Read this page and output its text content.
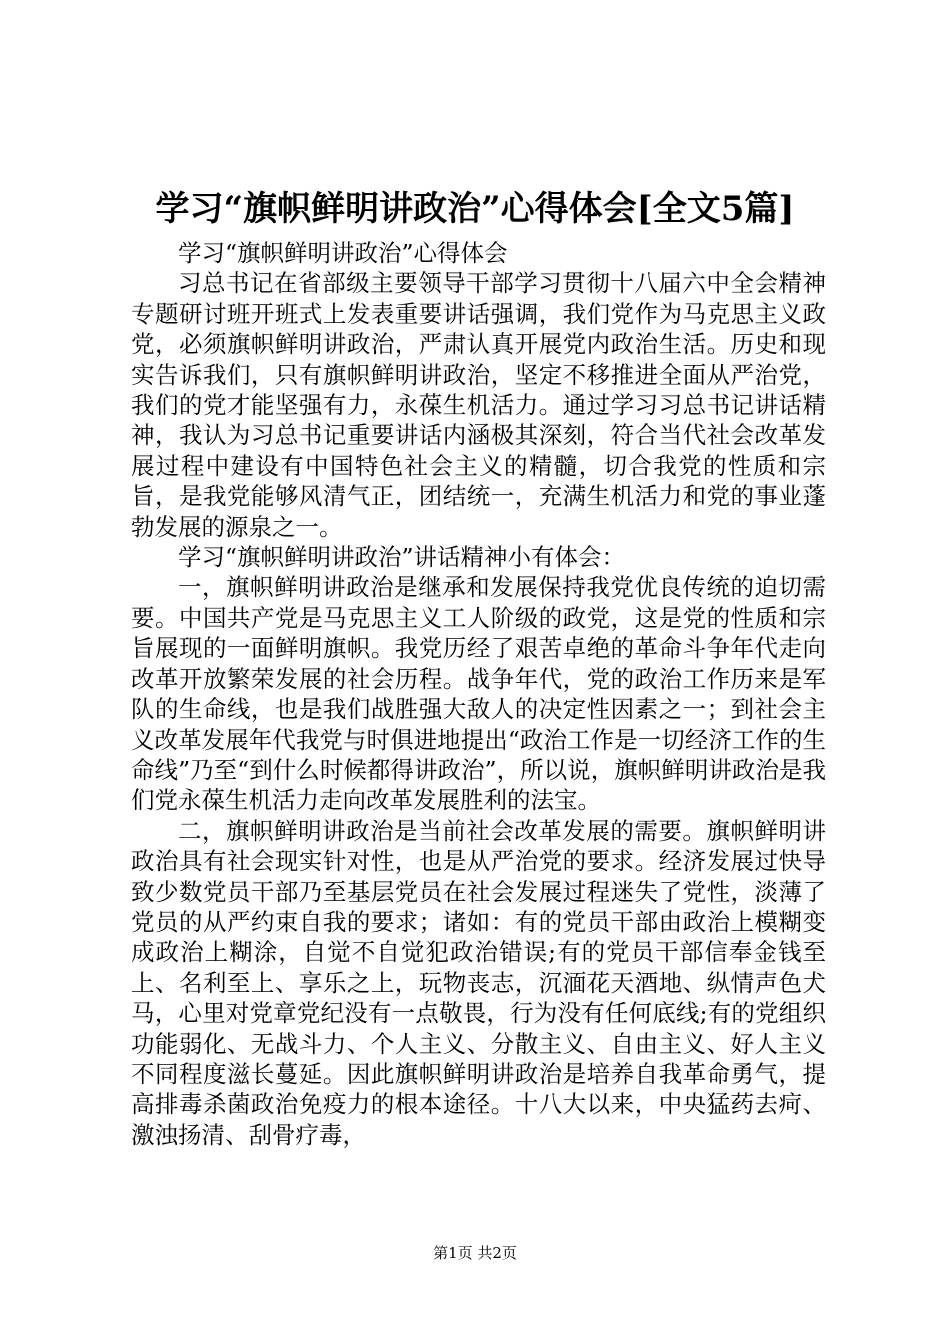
学习“旗帜鲜明讲政治”心得体会[全文5篇]

学习“旗帜鲜明讲政治”心得体会

习总书记在省部级主要领导干部学习贯彻十八届六中全会精神专题研讨班开班式上发表重要讲话强调，我们党作为马克思主义政党，必须旗帜鲜明讲政治，严肃认真开展党内政治生活。历史和现实告诉我们，只有旗帜鲜明讲政治，坚定不移推进全面从严治党，我们的党才能坚强有力，永葆生机活力。通过学习习总书记讲话精神，我认为习总书记重要讲话内涵极其深刻，符合当代社会改革发展过程中建设有中国特色社会主义的精髓，切合我党的性质和宗旨，是我党能够风清气正，团结统一，充满生机活力和党的事业蓬勃发展的源泉之一。

学习“旗帜鲜明讲政治”讲话精神小有体会：

一，旗帜鲜明讲政治是继承和发展保持我党优良传统的迫切需要。中国共产党是马克思主义工人阶级的政党，这是党的性质和宗旨展现的一面鲜明旗帜。我党历经了艰苦卓绝的革命斗争年代走向改革开放繁荣发展的社会历程。战争年代，党的政治工作历来是军队的生命线，也是我们战胜强大敌人的决定性因素之一；到社会主义改革发展年代我党与时俱进地提出“政治工作是一切经济工作的生命线”乃至“到什么时候都得讲政治”，所以说，旗帜鲜明讲政治是我们党永葆生机活力走向改革发展胜利的法宝。

二，旗帜鲜明讲政治是当前社会改革发展的需要。旗帜鲜明讲政治具有社会现实针对性，也是从严治党的要求。经济发展过快导致少数党员干部乃至基层党员在社会发展过程迷失了党性，淡薄了党员的从严约束自我的要求；诸如：有的党员干部由政治上模糊变成政治上糊涂，自觉不自觉犯政治错误;有的党员干部信奉金钱至上、名利至上、享乐之上，玩物丧志，沉湎花天酒地、纵情声色犬马，心里对党章党纪没有一点敬畏，行为没有任何底线;有的党组织功能弱化、无战斗力、个人主义、分散主义、自由主义、好人主义不同程度滋长蔓延。因此旗帜鲜明讲政治是培养自我革命勇气，提高排毒杀菌政治免疫力的根本途径。十八大以来，中央猛药去疴、激浊扬清、刮骨疗毒，

第1页 共2页
